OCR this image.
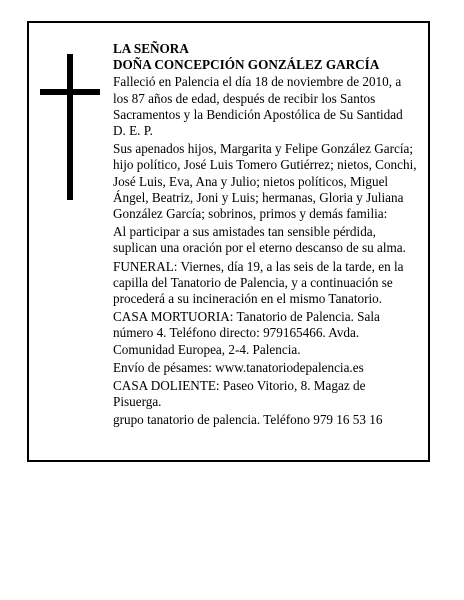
LA SEÑORA

DOÑA CONCEPCIÓN GONZÁLEZ GARCÍA

Falleció en Palencia el día 18 de noviembre de 2010, a los 87 años de edad, después de recibir los Santos Sacramentos y la Bendición Apostólica de Su Santidad D. E. P.

Sus apenados hijos, Margarita y Felipe González García; hijo político, José Luis Tomero Gutiérrez; nietos, Conchi, José Luis, Eva, Ana y Julio; nietos políticos, Miguel Ángel, Beatriz, Joni y Luis; hermanas, Gloria y Juliana González García; sobrinos, primos y demás familia:

Al participar a sus amistades tan sensible pérdida, suplican una oración por el eterno descanso de su alma.

FUNERAL: Viernes, día 19, a las seis de la tarde, en la capilla del Tanatorio de Palencia, y a continuación se procederá a su incineración en el mismo Tanatorio.

CASA MORTUORIA: Tanatorio de Palencia. Sala número 4. Teléfono directo: 979165466. Avda. Comunidad Europea, 2-4. Palencia.

Envío de pésames: www.tanatoriodepalencia.es

CASA DOLIENTE: Paseo Vitorio, 8. Magaz de Pisuerga.

grupo tanatorio de palencia. Teléfono 979 16 53 16
